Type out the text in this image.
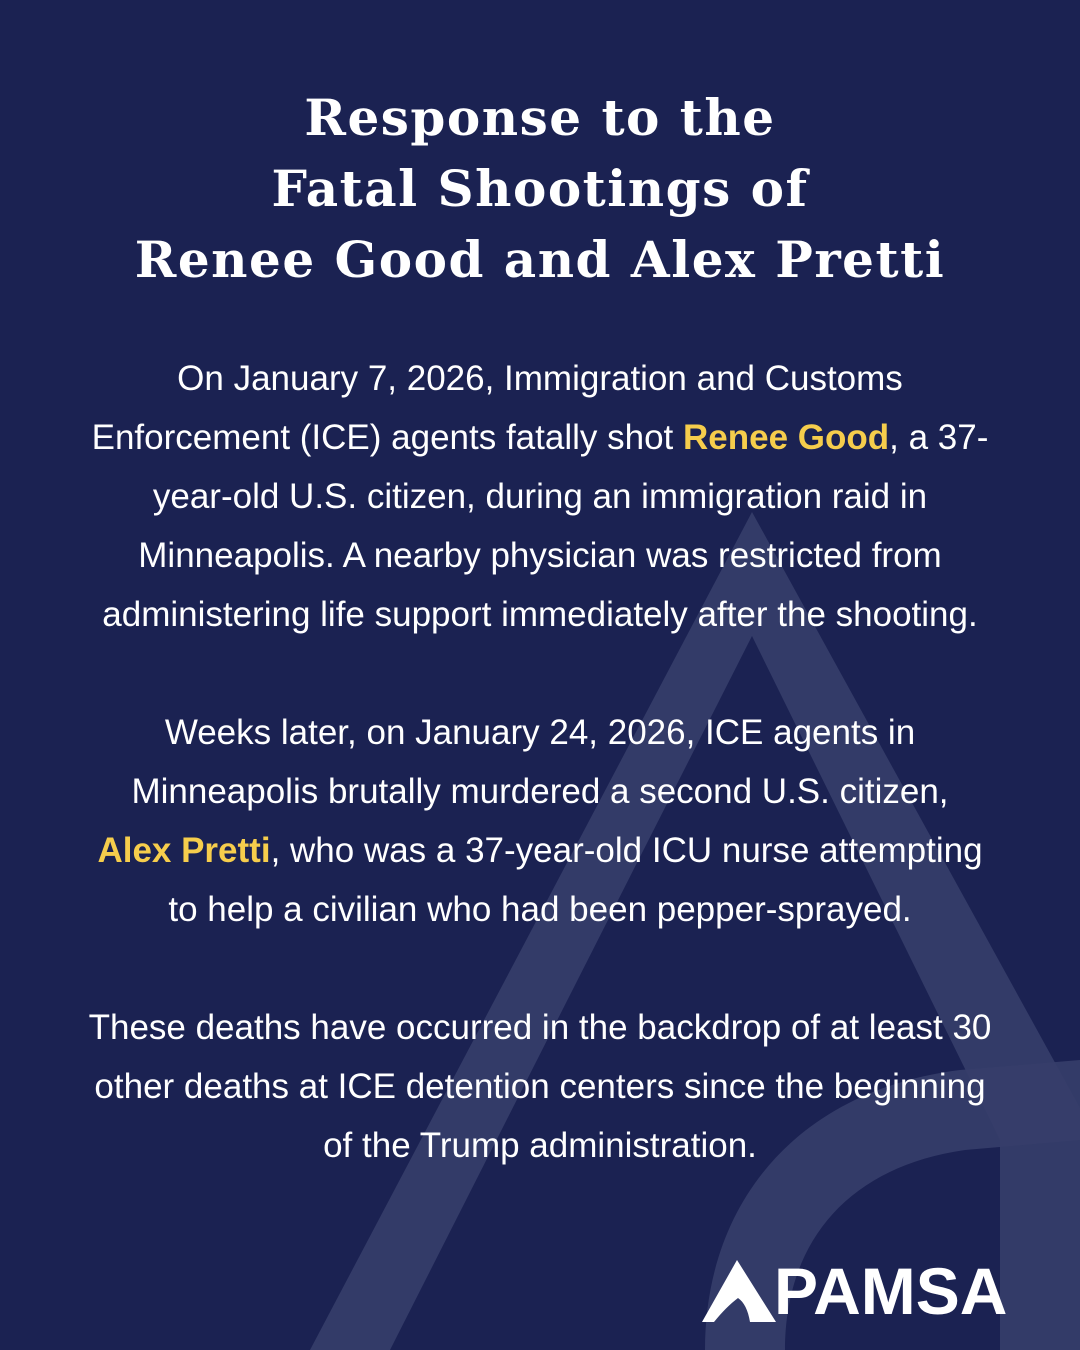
Response to the
Fatal Shootings of
Renee Good and Alex Pretti

On January 7, 2026, Immigration and Customs
Enforcement (ICE) agents fatally shot Renee Good, a 37-
year-old U.S. citizen, during an immigration raid in
Minneapolis. A nearby physician was restricted from
administering life support immediately after the shooting.

Weeks later, on January 24, 2026, ICE agents in
Minneapolis brutally murdered a second U.S. citizen,
Alex Pretti, who was a 37-year-old ICU nurse attempting
to help a civilian who had been pepper-sprayed.

These deaths have occurred in the backdrop of at least 30
other deaths at ICE detention centers since the beginning
of the Trump administration.

PAMSA
